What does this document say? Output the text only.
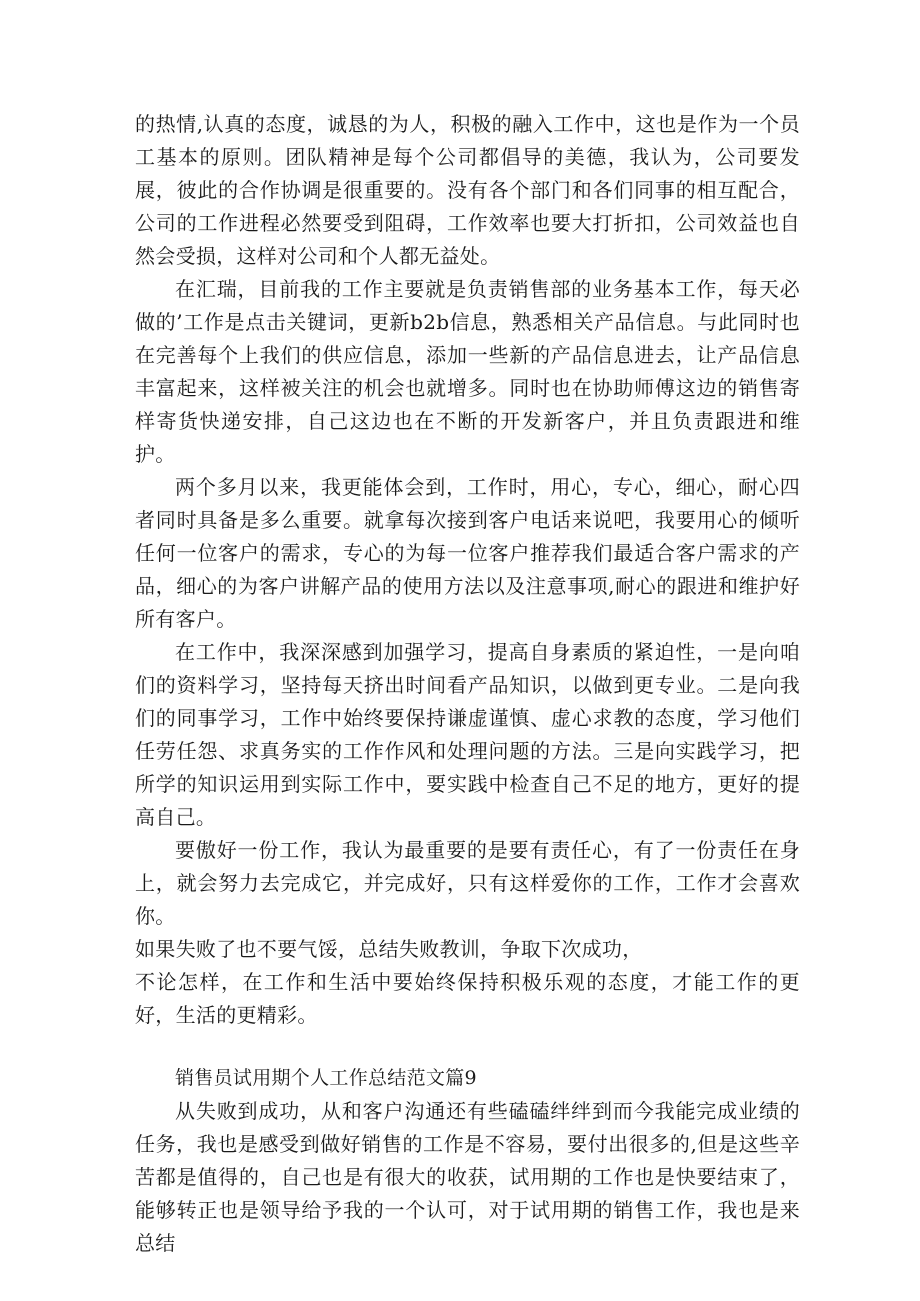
的热情,认真的态度，诚恳的为人，积极的融入工作中，这也是作为一个员工基本的原则。团队精神是每个公司都倡导的美德，我认为，公司要发展，彼此的合作协调是很重要的。没有各个部门和各们同事的相互配合，公司的工作进程必然要受到阻碍，工作效率也要大打折扣，公司效益也自然会受损，这样对公司和个人都无益处。

在汇瑞，目前我的工作主要就是负责销售部的业务基本工作，每天必做的’工作是点击关键词，更新b2b信息，熟悉相关产品信息。与此同时也在完善每个上我们的供应信息，添加一些新的产品信息进去，让产品信息丰富起来，这样被关注的机会也就增多。同时也在协助师傅这边的销售寄样寄货快递安排，自己这边也在不断的开发新客户，并且负责跟进和维护。

两个多月以来，我更能体会到，工作时，用心，专心，细心，耐心四者同时具备是多么重要。就拿每次接到客户电话来说吧，我要用心的倾听任何一位客户的需求，专心的为每一位客户推荐我们最适合客户需求的产品，细心的为客户讲解产品的使用方法以及注意事项,耐心的跟进和维护好所有客户。

在工作中，我深深感到加强学习，提高自身素质的紧迫性，一是向咱们的资料学习，坚持每天挤出时间看产品知识，以做到更专业。二是向我们的同事学习，工作中始终要保持谦虚谨慎、虚心求教的态度，学习他们任劳任怨、求真务实的工作作风和处理问题的方法。三是向实践学习，把所学的知识运用到实际工作中，要实践中检查自己不足的地方，更好的提高自己。

要傲好一份工作，我认为最重要的是要有责任心，有了一份责任在身上，就会努力去完成它，并完成好，只有这样爱你的工作，工作才会喜欢你。

如果失败了也不要气馁，总结失败教训，争取下次成功，

不论怎样，在工作和生活中要始终保持积极乐观的态度，才能工作的更好，生活的更精彩。

销售员试用期个人工作总结范文篇9

从失败到成功，从和客户沟通还有些磕磕绊绊到而今我能完成业绩的任务，我也是感受到做好销售的工作是不容易，要付出很多的,但是这些辛苦都是值得的，自己也是有很大的收获，试用期的工作也是快要结束了，能够转正也是领导给予我的一个认可，对于试用期的销售工作，我也是来总结
